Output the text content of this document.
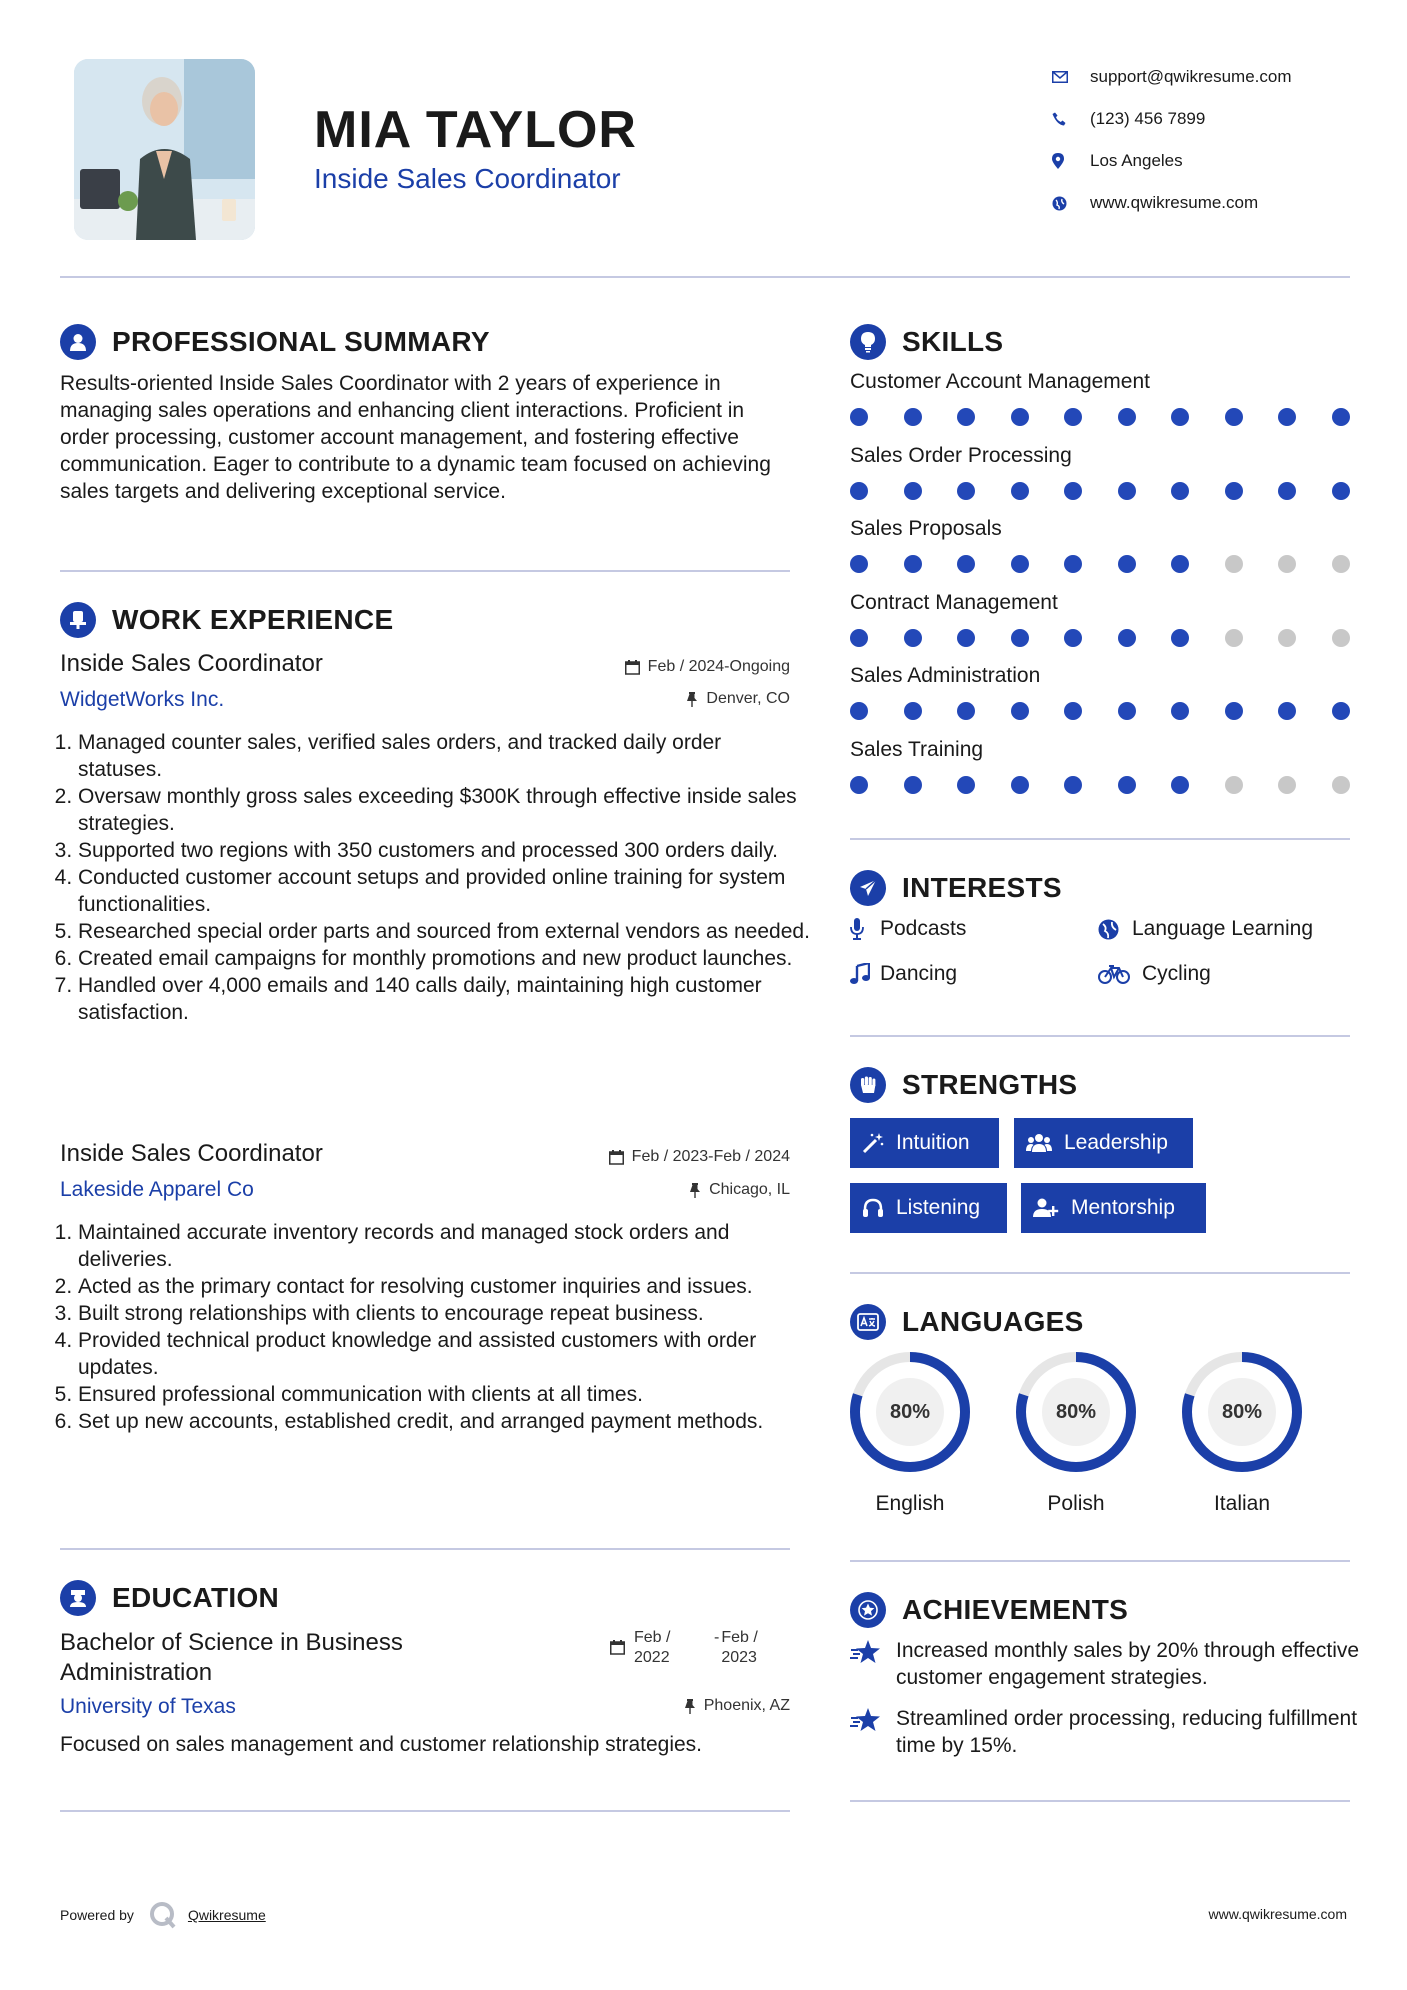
MIA TAYLOR
Inside Sales Coordinator
support@qwikresume.com
(123) 456 7899
Los Angeles
www.qwikresume.com
PROFESSIONAL SUMMARY
Results-oriented Inside Sales Coordinator with 2 years of experience in managing sales operations and enhancing client interactions. Proficient in order processing, customer account management, and fostering effective communication. Eager to contribute to a dynamic team focused on achieving sales targets and delivering exceptional service.
WORK EXPERIENCE
Inside Sales Coordinator	Feb / 2024-Ongoing
WidgetWorks Inc.	Denver, CO
1. Managed counter sales, verified sales orders, and tracked daily order statuses.
2. Oversaw monthly gross sales exceeding $300K through effective inside sales strategies.
3. Supported two regions with 350 customers and processed 300 orders daily.
4. Conducted customer account setups and provided online training for system functionalities.
5. Researched special order parts and sourced from external vendors as needed.
6. Created email campaigns for monthly promotions and new product launches.
7. Handled over 4,000 emails and 140 calls daily, maintaining high customer satisfaction.
Inside Sales Coordinator	Feb / 2023-Feb / 2024
Lakeside Apparel Co	Chicago, IL
1. Maintained accurate inventory records and managed stock orders and deliveries.
2. Acted as the primary contact for resolving customer inquiries and issues.
3. Built strong relationships with clients to encourage repeat business.
4. Provided technical product knowledge and assisted customers with order updates.
5. Ensured professional communication with clients at all times.
6. Set up new accounts, established credit, and arranged payment methods.
EDUCATION
Bachelor of Science in Business Administration
Feb / 2022
- Feb / 2023
University of Texas	Phoenix, AZ
Focused on sales management and customer relationship strategies.
SKILLS
Customer Account Management
Sales Order Processing
Sales Proposals
Contract Management
Sales Administration
Sales Training
INTERESTS
Podcasts	Language Learning
Dancing	Cycling
STRENGTHS
Intuition	Leadership
Listening	Mentorship
LANGUAGES
80%
English
80%
Polish
80%
Italian
ACHIEVEMENTS
Increased monthly sales by 20% through effective customer engagement strategies.
Streamlined order processing, reducing fulfillment time by 15%.
Powered by	Qwikresume	www.qwikresume.com
